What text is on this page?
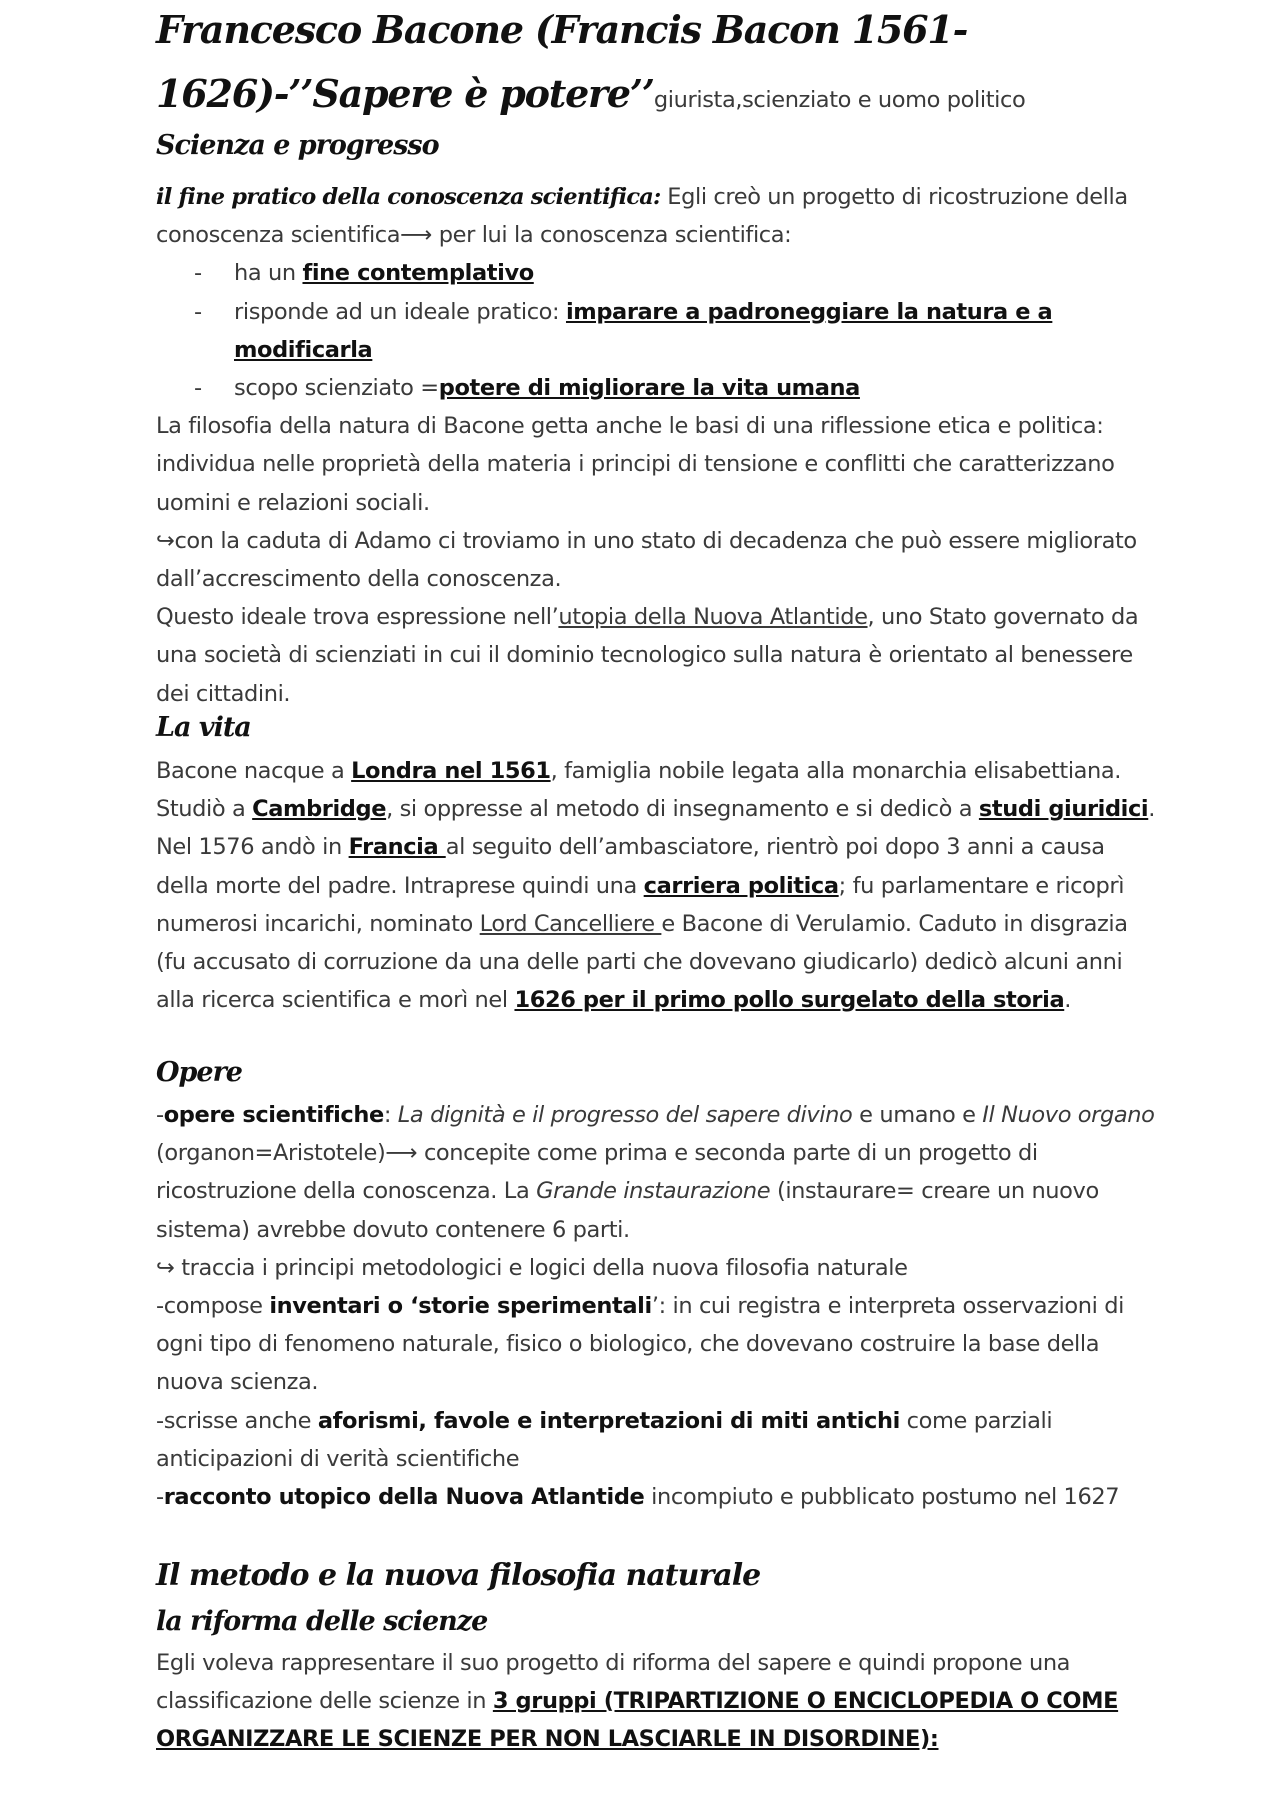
Francesco Bacone (Francis Bacon 1561-1626)-’’Sapere è potere’’giurista,scienziato e uomo politico
Scienza e progresso

il fine pratico della conoscenza scientifica: Egli creò un progetto di ricostruzione della conoscenza scientifica⟶ per lui la conoscenza scientifica:

- ha un fine contemplativo
- risponde ad un ideale pratico: imparare a padroneggiare la natura e a modificarla
- scopo scienziato =potere di migliorare la vita umana

La filosofia della natura di Bacone getta anche le basi di una riflessione etica e politica: individua nelle proprietà della materia i principi di tensione e conflitti che caratterizzano uomini e relazioni sociali.

↪con la caduta di Adamo ci troviamo in uno stato di decadenza che può essere migliorato dall’accrescimento della conoscenza.

Questo ideale trova espressione nell’utopia della Nuova Atlantide, uno Stato governato da una società di scienziati in cui il dominio tecnologico sulla natura è orientato al benessere dei cittadini.

La vita

Bacone nacque a Londra nel 1561, famiglia nobile legata alla monarchia elisabettiana. Studiò a Cambridge, si oppresse al metodo di insegnamento e si dedicò a studi giuridici. Nel 1576 andò in Francia al seguito dell’ambasciatore, rientrò poi dopo 3 anni a causa della morte del padre. Intraprese quindi una carriera politica; fu parlamentare e ricoprì numerosi incarichi, nominato Lord Cancelliere e Bacone di Verulamio. Caduto in disgrazia (fu accusato di corruzione da una delle parti che dovevano giudicarlo) dedicò alcuni anni alla ricerca scientifica e morì nel 1626 per il primo pollo surgelato della storia.

Opere

-opere scientifiche: La dignità e il progresso del sapere divino e umano e Il Nuovo organo (organon=Aristotele)⟶ concepite come prima e seconda parte di un progetto di ricostruzione della conoscenza. La Grande instaurazione (instaurare= creare un nuovo sistema) avrebbe dovuto contenere 6 parti.

↪ traccia i principi metodologici e logici della nuova filosofia naturale

-compose inventari o ‘storie sperimentali’: in cui registra e interpreta osservazioni di ogni tipo di fenomeno naturale, fisico o biologico, che dovevano costruire la base della nuova scienza.

-scrisse anche aforismi, favole e interpretazioni di miti antichi come parziali anticipazioni di verità scientifiche

-racconto utopico della Nuova Atlantide incompiuto e pubblicato postumo nel 1627

Il metodo e la nuova filosofia naturale
la riforma delle scienze

Egli voleva rappresentare il suo progetto di riforma del sapere e quindi propone una classificazione delle scienze in 3 gruppi (TRIPARTIZIONE O ENCICLOPEDIA O COME ORGANIZZARE LE SCIENZE PER NON LASCIARLE IN DISORDINE):
